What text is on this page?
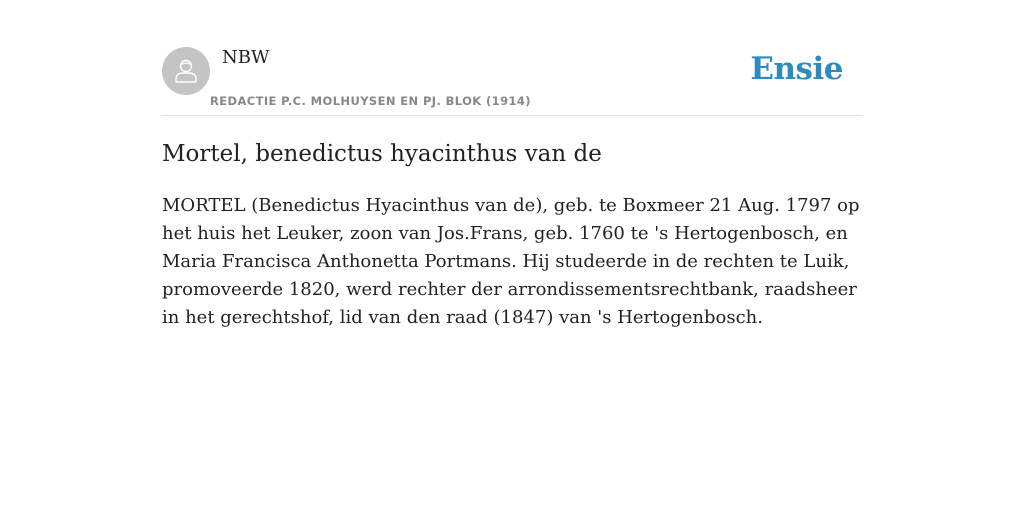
NBW
REDACTIE P.C. MOLHUYSEN EN PJ. BLOK (1914)
Ensie
Mortel, benedictus hyacinthus van de

MORTEL (Benedictus Hyacinthus van de), geb. te Boxmeer 21 Aug. 1797 op het huis het Leuker, zoon van Jos.Frans, geb. 1760 te 's Hertogenbosch, en Maria Francisca Anthonetta Portmans. Hij studeerde in de rechten te Luik, promoveerde 1820, werd rechter der arrondissementsrechtbank, raadsheer in het gerechtshof, lid van den raad (1847) van 's Hertogenbosch.
